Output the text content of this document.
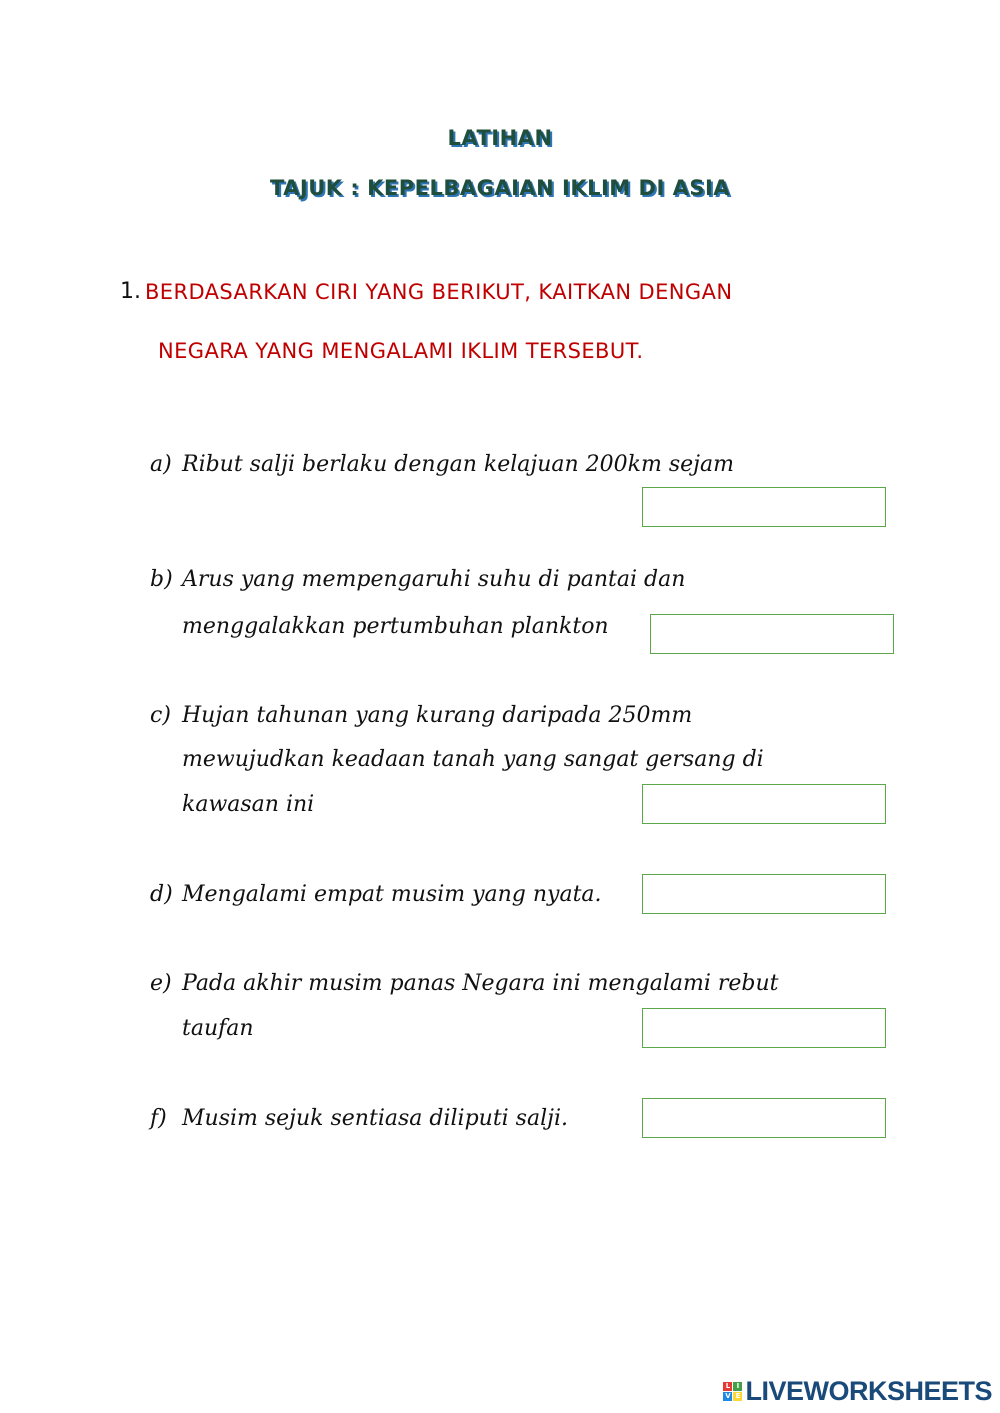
LATIHAN
TAJUK : KEPELBAGAIAN IKLIM DI ASIA
1. BERDASARKAN CIRI YANG BERIKUT, KAITKAN DENGAN
NEGARA YANG MENGALAMI IKLIM TERSEBUT.
a) Ribut salji berlaku dengan kelajuan 200km sejam
b) Arus yang mempengaruhi suhu di pantai dan
menggalakkan pertumbuhan plankton
c) Hujan tahunan yang kurang daripada 250mm
mewujudkan keadaan tanah yang sangat gersang di
kawasan ini
d) Mengalami empat musim yang nyata.
e) Pada akhir musim panas Negara ini mengalami rebut
taufan
f) Musim sejuk sentiasa diliputi salji.
L I
V E LIVEWORKSHEETS
